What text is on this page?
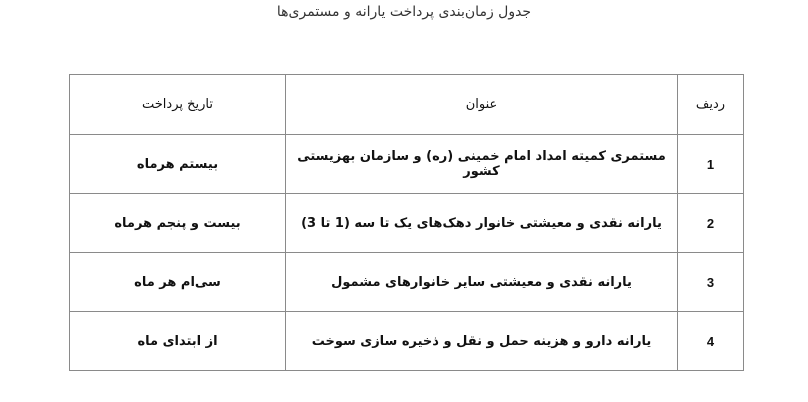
جدول زمان‌بندی پرداخت یارانه و مستمری‌ها
ردیف	عنوان	تاریخ پرداخت
1	مستمری کمیته امداد امام خمینی (ره) و سازمان بهزیستی کشور	بیستم هرماه
2	یارانه نقدی و معیشتی خانوار دهک‌های یک تا سه (1 تا 3)	بیست و پنجم هرماه
3	یارانه نقدی و معیشتی سایر خانوارهای مشمول	سی‌ام هر ماه
4	یارانه دارو و هزینه حمل و نقل و ذخیره سازی سوخت	از ابتدای ماه
